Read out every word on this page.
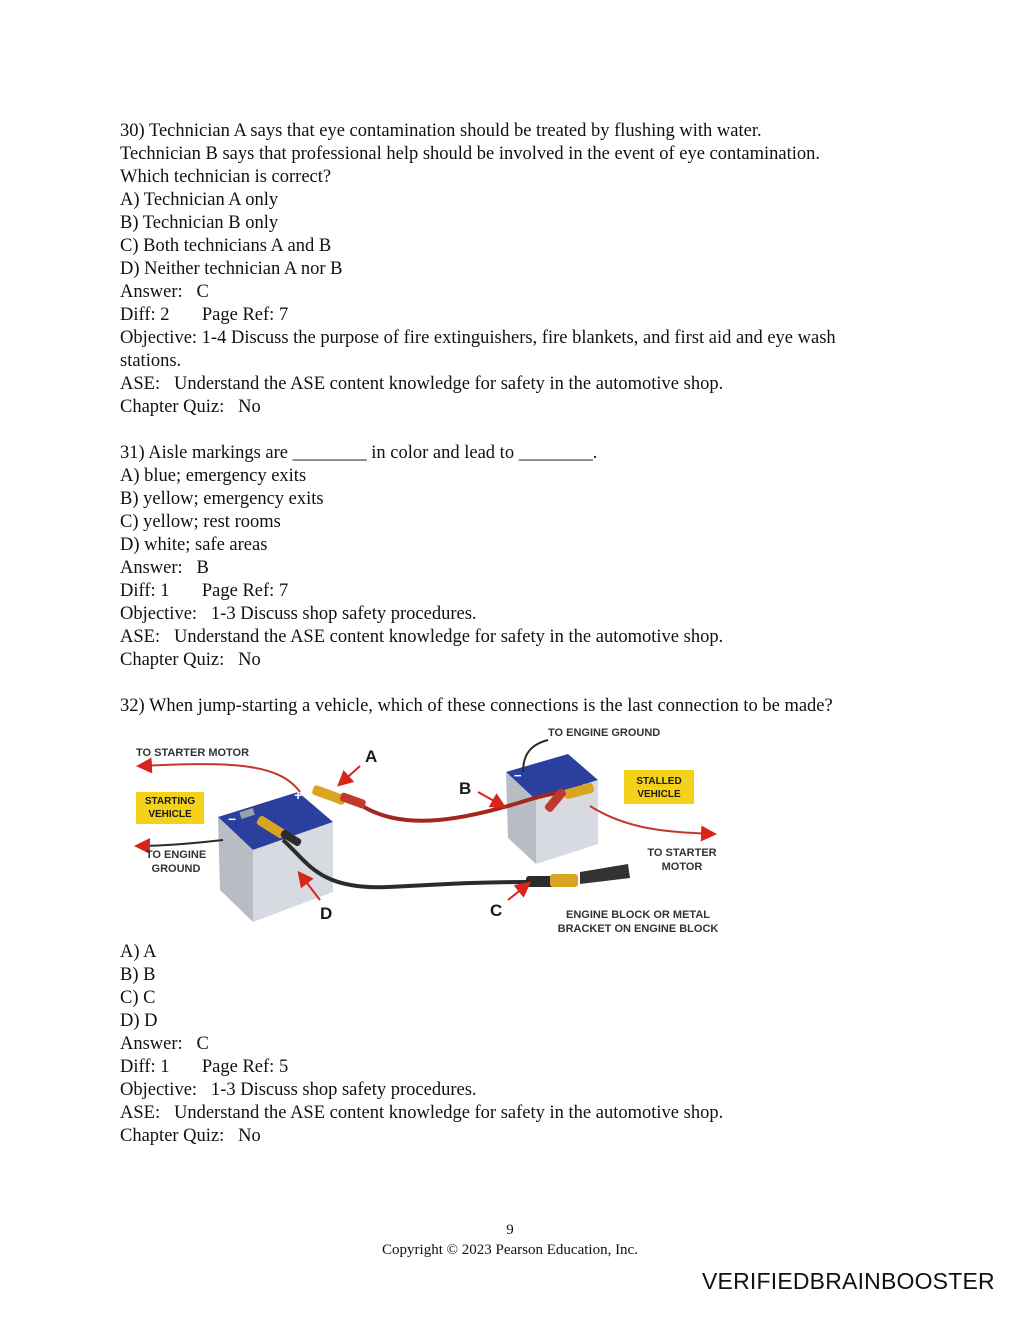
30) Technician A says that eye contamination should be treated by flushing with water.
Technician B says that professional help should be involved in the event of eye contamination.
Which technician is correct?
A) Technician A only
B) Technician B only
C) Both technicians A and B
D) Neither technician A nor B
Answer:   C
Diff: 2       Page Ref: 7
Objective: 1-4 Discuss the purpose of fire extinguishers, fire blankets, and first aid and eye wash stations.
ASE:   Understand the ASE content knowledge for safety in the automotive shop.
Chapter Quiz:   No
31) Aisle markings are ________ in color and lead to ________.
A) blue; emergency exits
B) yellow; emergency exits
C) yellow; rest rooms
D) white; safe areas
Answer:   B
Diff: 1       Page Ref: 7
Objective:   1-3 Discuss shop safety procedures.
ASE:   Understand the ASE content knowledge for safety in the automotive shop.
Chapter Quiz:   No
32) When jump-starting a vehicle, which of these connections is the last connection to be made?
+
−
−
STARTING
VEHICLE
STALLED
VEHICLE
TO STARTER MOTOR
TO ENGINE
GROUND
TO ENGINE GROUND
TO STARTER
MOTOR
ENGINE BLOCK OR METAL
BRACKET ON ENGINE BLOCK
A
B
C
D
A) A
B) B
C) C
D) D
Answer:   C
Diff: 1       Page Ref: 5
Objective:   1-3 Discuss shop safety procedures.
ASE:   Understand the ASE content knowledge for safety in the automotive shop.
Chapter Quiz:   No
9
Copyright © 2023 Pearson Education, Inc.
VERIFIEDBRAINBOOSTER
